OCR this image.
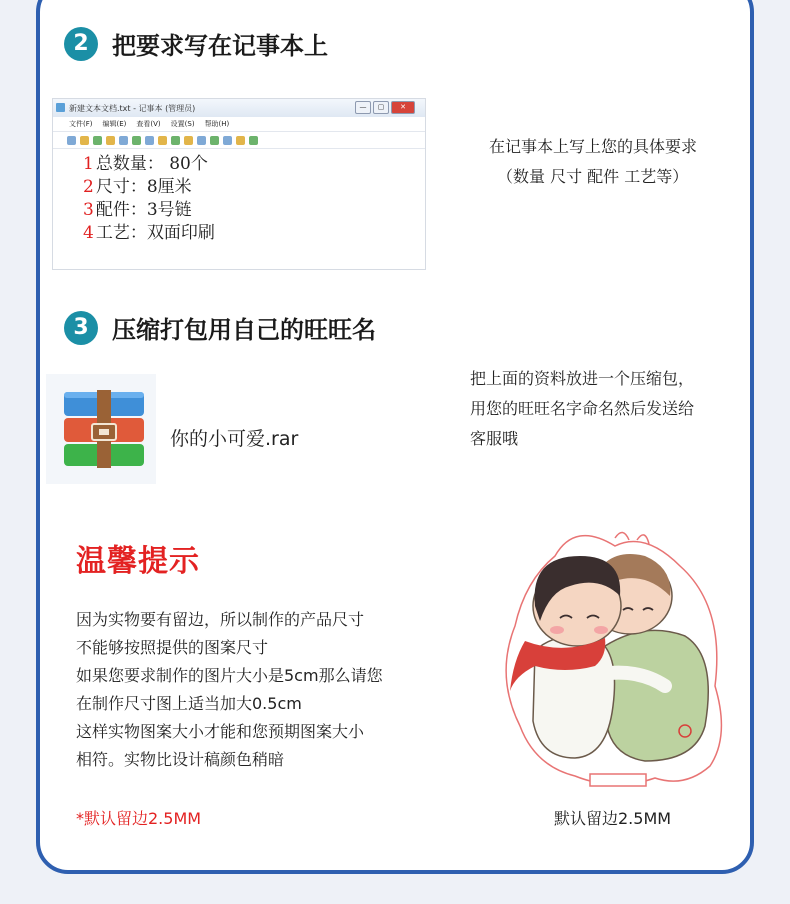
2 把要求写在记事本上
新建文本文档.txt - 记事本 (管理员)	—	▢	✕
文件(F) 编辑(E) 查看(V) 设置(S) 帮助(H)
1 总数量： 80个
2 尺寸：8厘米
3 配件：3号链
4 工艺：双面印刷
在记事本上写上您的具体要求
（数量 尺寸 配件 工艺等）
3 压缩打包用自己的旺旺名
你的小可爱.rar
把上面的资料放进一个压缩包，
用您的旺旺名字命名然后发送给
客服哦
温馨提示
因为实物要有留边，所以制作的产品尺寸
不能够按照提供的图案尺寸
如果您要求制作的图片大小是5cm那么请您
在制作尺寸图上适当加大0.5cm
这样实物图案大小才能和您预期图案大小
相符。实物比设计稿颜色稍暗
*默认留边2.5MM	默认留边2.5MM
